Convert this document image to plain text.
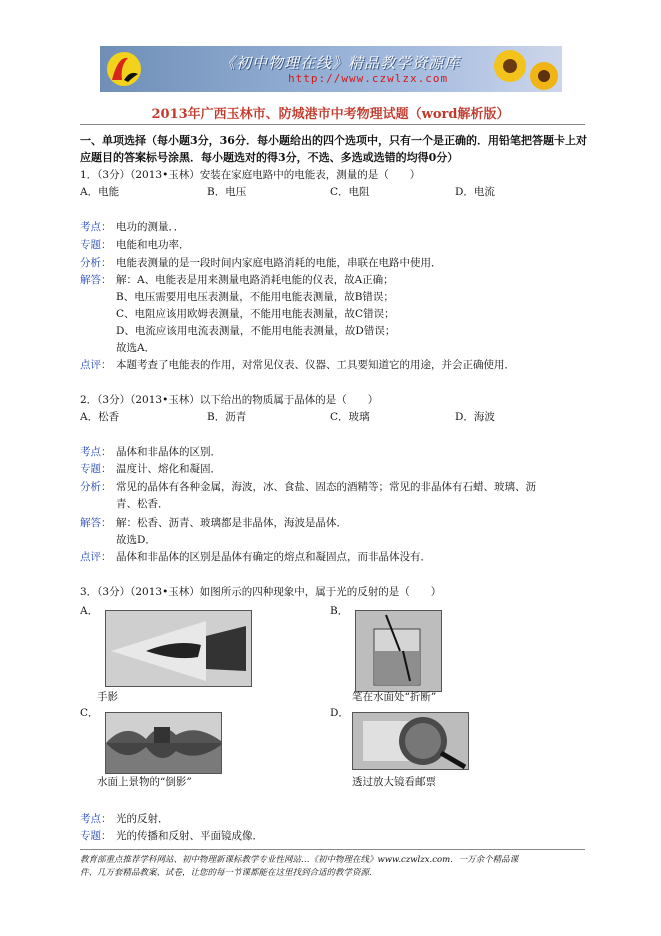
《初中物理在线》精品教学资源库
http://www.czwlzx.com
2013年广西玉林市、防城港市中考物理试题（word解析版）
一、单项选择（每小题3分，36分．每小题给出的四个选项中，只有一个是正确的．用铅笔把答题卡上对应题目的答案标号涂黑．每小题选对的得3分，不选、多选或选错的均得0分）
1．（3分）（2013•玉林）安装在家庭电路中的电能表，测量的是（　　）
A．电能	B．电压	C．电阻	D．电流
考点： 电功的测量．．
专题： 电能和电功率．
分析： 电能表测量的是一段时间内家庭电路消耗的电能，串联在电路中使用．
解答： 解：A、电能表是用来测量电路消耗电能的仪表，故A正确；
B、电压需要用电压表测量，不能用电能表测量，故B错误；
C、电阻应该用欧姆表测量，不能用电能表测量，故C错误；
D、电流应该用电流表测量，不能用电能表测量，故D错误；
故选A．
点评： 本题考查了电能表的作用，对常见仪表、仪器、工具要知道它的用途，并会正确使用．
2．（3分）（2013•玉林）以下给出的物质属于晶体的是（　　）
A．松香	B．沥青	C．玻璃	D．海波
考点： 晶体和非晶体的区别．
专题： 温度计、熔化和凝固．
分析： 常见的晶体有各种金属，海波，冰、食盐、固态的酒精等；常见的非晶体有石蜡、玻璃、沥
青、松香．
解答： 解：松香、沥青、玻璃都是非晶体，海波是晶体．
故选D．
点评： 晶体和非晶体的区别是晶体有确定的熔点和凝固点，而非晶体没有．
3．（3分）（2013•玉林）如图所示的四种现象中，属于光的反射的是（　　）
A．	B．
手影	笔在水面处“折断”
C．	D．
水面上景物的“倒影”	透过放大镜看邮票
考点： 光的反射．
专题： 光的传播和反射、平面镜成像．
教育部重点推荐学科网站、初中物理新课标教学专业性网站…《初中物理在线》www.czwlzx.com．一万余个精品课
件、几万套精品教案、试卷，让您的每一节课都能在这里找到合适的教学资源．
